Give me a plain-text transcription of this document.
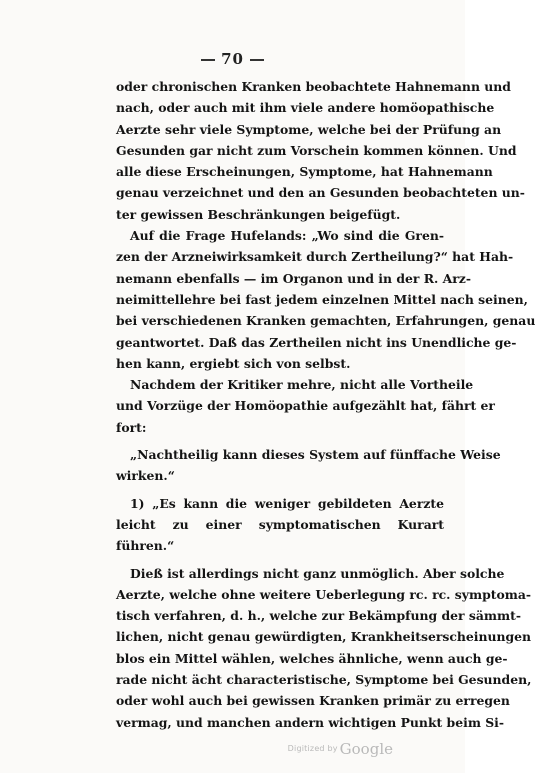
70
oder chronischen Kranken beobachtete Hahnemann und
nach, oder auch mit ihm viele andere homöopathische
Aerzte sehr viele Symptome, welche bei der Prüfung an
Gesunden gar nicht zum Vorschein kommen können. Und
alle diese Erscheinungen, Symptome, hat Hahnemann
genau verzeichnet und den an Gesunden beobachteten un-
ter gewissen Beschränkungen beigefügt.
Auf die Frage Hufelands: „Wo sind die Gren-
zen der Arzneiwirksamkeit durch Zertheilung?“ hat Hah-
nemann ebenfalls — im Organon und in der R. Arz-
neimittellehre bei fast jedem einzelnen Mittel nach seinen,
bei verschiedenen Kranken gemachten, Erfahrungen, genau
geantwortet. Daß das Zertheilen nicht ins Unendliche ge-
hen kann, ergiebt sich von selbst.
Nachdem der Kritiker mehre, nicht alle Vortheile
und Vorzüge der Homöopathie aufgezählt hat, fährt er
fort:
„Nachtheilig kann dieses System auf fünffache Weise
wirken.“
1) „Es kann die weniger gebildeten Aerzte
leicht zu einer symptomatischen Kurart
führen.“
Dieß ist allerdings nicht ganz unmöglich. Aber solche
Aerzte, welche ohne weitere Ueberlegung rc. rc. symptoma-
tisch verfahren, d. h., welche zur Bekämpfung der sämmt-
lichen, nicht genau gewürdigten, Krankheitserscheinungen
blos ein Mittel wählen, welches ähnliche, wenn auch ge-
rade nicht ächt characteristische, Symptome bei Gesunden,
oder wohl auch bei gewissen Kranken primär zu erregen
vermag, und manchen andern wichtigen Punkt beim Si-
Digitized by Google
